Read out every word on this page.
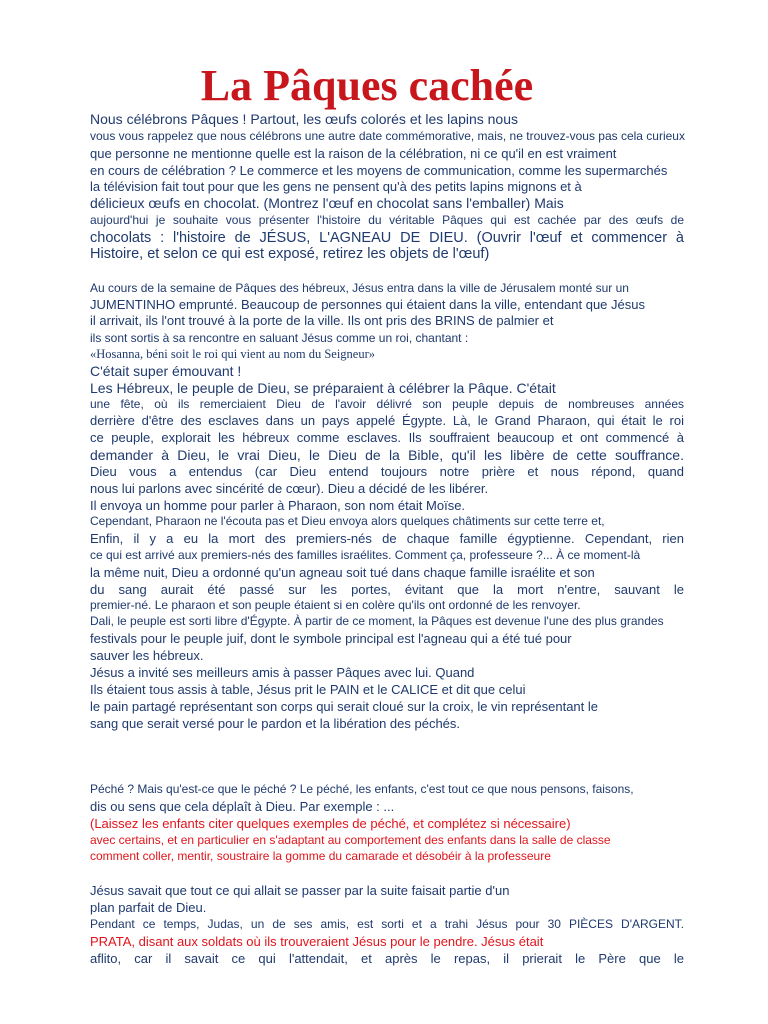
La Pâques cachée
Nous célébrons Pâques ! Partout, les œufs colorés et les lapins nous
vous vous rappelez que nous célébrons une autre date commémorative, mais, ne trouvez-vous pas cela curieux
que personne ne mentionne quelle est la raison de la célébration, ni ce qu'il en est vraiment
en cours de célébration ? Le commerce et les moyens de communication, comme les supermarchés
la télévision fait tout pour que les gens ne pensent qu'à des petits lapins mignons et à
délicieux œufs en chocolat. (Montrez l'œuf en chocolat sans l'emballer) Mais
aujourd'hui je souhaite vous présenter l'histoire du véritable Pâques qui est cachée par des œufs de
chocolats : l'histoire de JÉSUS, L'AGNEAU DE DIEU. (Ouvrir l'œuf et commencer à
Histoire, et selon ce qui est exposé, retirez les objets de l'œuf)
Au cours de la semaine de Pâques des hébreux, Jésus entra dans la ville de Jérusalem monté sur un
JUMENTINHO emprunté. Beaucoup de personnes qui étaient dans la ville, entendant que Jésus
il arrivait, ils l'ont trouvé à la porte de la ville. Ils ont pris des BRINS de palmier et
ils sont sortis à sa rencontre en saluant Jésus comme un roi, chantant :
«Hosanna, béni soit le roi qui vient au nom du Seigneur»
C'était super émouvant !
Les Hébreux, le peuple de Dieu, se préparaient à célébrer la Pâque. C'était
une fête, où ils remerciaient Dieu de l'avoir délivré son peuple depuis de nombreuses années
derrière d'être des esclaves dans un pays appelé Égypte. Là, le Grand Pharaon, qui était le roi
ce peuple, explorait les hébreux comme esclaves. Ils souffraient beaucoup et ont commencé à
demander à Dieu, le vrai Dieu, le Dieu de la Bible, qu'il les libère de cette souffrance.
Dieu vous a entendus (car Dieu entend toujours notre prière et nous répond, quand
nous lui parlons avec sincérité de cœur). Dieu a décidé de les libérer.
Il envoya un homme pour parler à Pharaon, son nom était Moïse.
Cependant, Pharaon ne l'écouta pas et Dieu envoya alors quelques châtiments sur cette terre et,
Enfin, il y a eu la mort des premiers-nés de chaque famille égyptienne. Cependant, rien
ce qui est arrivé aux premiers-nés des familles israélites. Comment ça, professeure ?... À ce moment-là
la même nuit, Dieu a ordonné qu'un agneau soit tué dans chaque famille israélite et son
du sang aurait été passé sur les portes, évitant que la mort n'entre, sauvant le
premier-né. Le pharaon et son peuple étaient si en colère qu'ils ont ordonné de les renvoyer.
Dali, le peuple est sorti libre d'Égypte. À partir de ce moment, la Pâques est devenue l'une des plus grandes
festivals pour le peuple juif, dont le symbole principal est l'agneau qui a été tué pour
sauver les hébreux.
Jésus a invité ses meilleurs amis à passer Pâques avec lui. Quand
Ils étaient tous assis à table, Jésus prit le PAIN et le CALICE et dit que celui
le pain partagé représentant son corps qui serait cloué sur la croix, le vin représentant le
sang que serait versé pour le pardon et la libération des péchés.
Péché ? Mais qu'est-ce que le péché ? Le péché, les enfants, c'est tout ce que nous pensons, faisons,
dis ou sens que cela déplaît à Dieu. Par exemple : ...
(Laissez les enfants citer quelques exemples de péché, et complétez si nécessaire)
avec certains, et en particulier en s'adaptant au comportement des enfants dans la salle de classe
comment coller, mentir, soustraire la gomme du camarade et désobéir à la professeure
Jésus savait que tout ce qui allait se passer par la suite faisait partie d'un
plan parfait de Dieu.
Pendant ce temps, Judas, un de ses amis, est sorti et a trahi Jésus pour 30 PIÈCES D'ARGENT.
PRATA, disant aux soldats où ils trouveraient Jésus pour le pendre. Jésus était
aflito, car il savait ce qui l'attendait, et après le repas, il prierait le Père que le
